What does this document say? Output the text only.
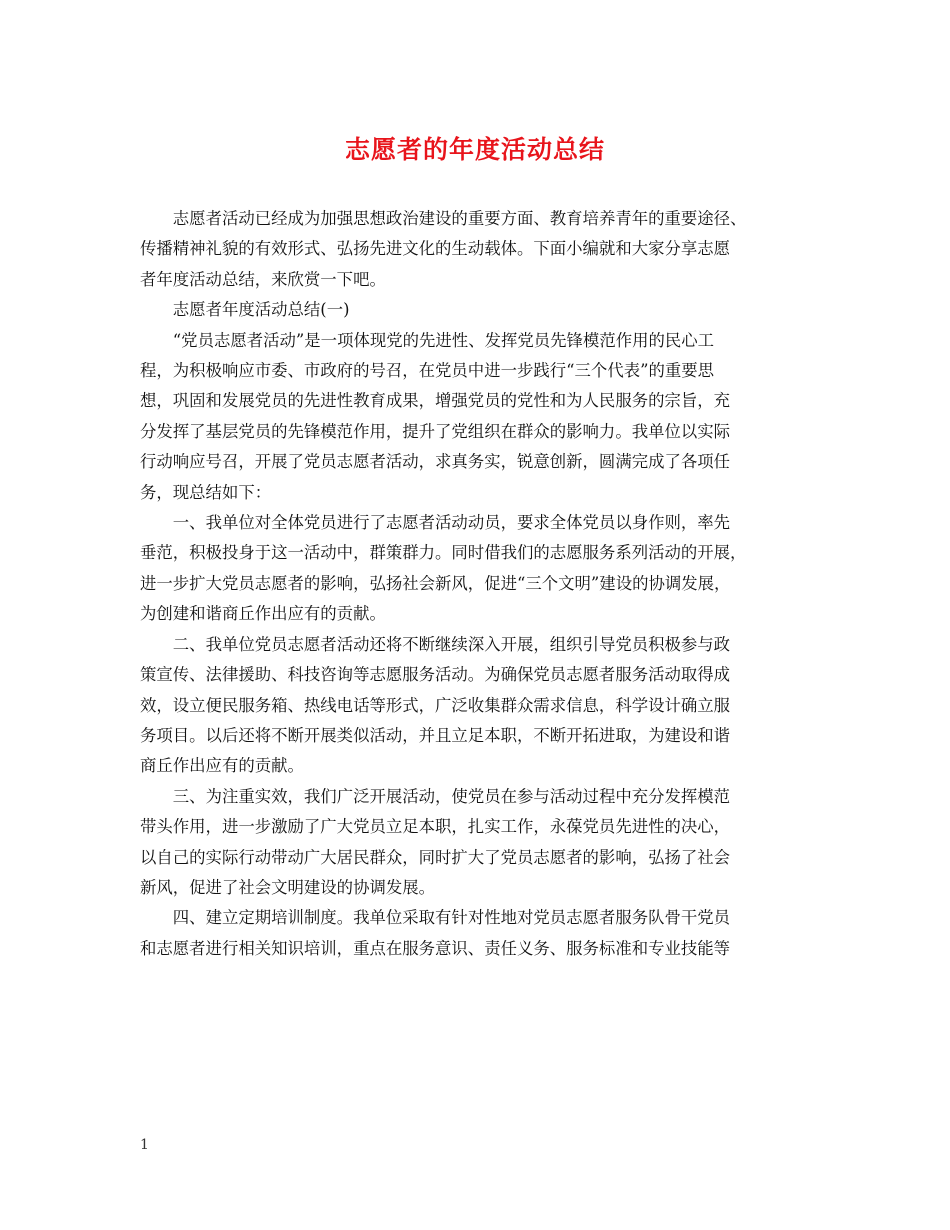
志愿者的年度活动总结

志愿者活动已经成为加强思想政治建设的重要方面、教育培养青年的重要途径、
传播精神礼貌的有效形式、弘扬先进文化的生动载体。下面小编就和大家分享志愿
者年度活动总结，来欣赏一下吧。

志愿者年度活动总结(一)

“党员志愿者活动”是一项体现党的先进性、发挥党员先锋模范作用的民心工
程，为积极响应市委、市政府的号召，在党员中进一步践行“三个代表”的重要思
想，巩固和发展党员的先进性教育成果，增强党员的党性和为人民服务的宗旨，充
分发挥了基层党员的先锋模范作用，提升了党组织在群众的影响力。我单位以实际
行动响应号召，开展了党员志愿者活动，求真务实，锐意创新，圆满完成了各项任
务，现总结如下：

一、我单位对全体党员进行了志愿者活动动员，要求全体党员以身作则，率先
垂范，积极投身于这一活动中，群策群力。同时借我们的志愿服务系列活动的开展，
进一步扩大党员志愿者的影响，弘扬社会新风，促进“三个文明”建设的协调发展，
为创建和谐商丘作出应有的贡献。

二、我单位党员志愿者活动还将不断继续深入开展，组织引导党员积极参与政
策宣传、法律援助、科技咨询等志愿服务活动。为确保党员志愿者服务活动取得成
效，设立便民服务箱、热线电话等形式，广泛收集群众需求信息，科学设计确立服
务项目。以后还将不断开展类似活动，并且立足本职，不断开拓进取，为建设和谐
商丘作出应有的贡献。

三、为注重实效，我们广泛开展活动，使党员在参与活动过程中充分发挥模范
带头作用，进一步激励了广大党员立足本职，扎实工作，永葆党员先进性的决心，
以自己的实际行动带动广大居民群众，同时扩大了党员志愿者的影响，弘扬了社会
新风，促进了社会文明建设的协调发展。

四、建立定期培训制度。我单位采取有针对性地对党员志愿者服务队骨干党员
和志愿者进行相关知识培训，重点在服务意识、责任义务、服务标准和专业技能等

1
